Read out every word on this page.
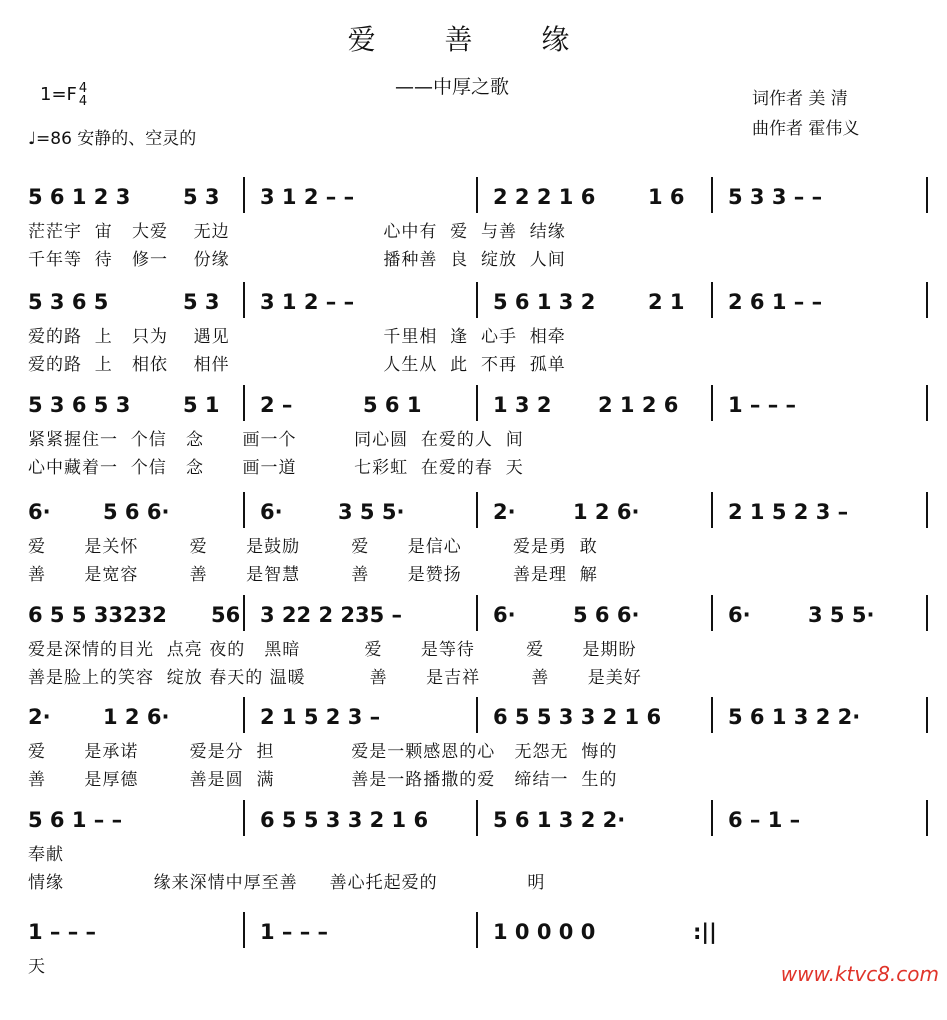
爱 善 缘
——中厚之歌
1=F 4
4
♩=86 安静的、空灵的
词作者 美 清
曲作者 霍伟义
5 6 1 2 3	5 3 3 1 2 – –	2 2 2 1 6	1 6 5 3 3 – –
茫茫宇  宙   大爱    无边                        心中有  爱  与善  结缘
千年等  待   修一    份缘                        播种善  良  绽放  人间
5 3 6 5	5 3 3 1 2 – –	5 6 1 3 2	2 1 2 6 1 – –
爱的路  上   只为    遇见                        千里相  逢  心手  相牵
爱的路  上   相依    相伴                        人生从  此  不再  孤单
5 3 6 5 3	5 1 2 –	5 6 1	1 3 2 2 1 2 6 1 – – –
紧紧握住一  个信   念      画一个         同心圆  在爱的人  间
心中藏着一  个信   念      画一道         七彩虹  在爱的春  天
6· 5 6 6·	6·	3 5 5·	2·	1 2 6·	2 1 5 2 3 –
爱      是关怀        爱      是鼓励        爱      是信心        爱是勇  敢
善      是宽容        善      是智慧        善      是赞扬        善是理  解
6 5 5 33232 56 3 22 2 235 –	6·	5 6 6·	6·	3 5 5·
爱是深情的目光  点亮 夜的   黑暗          爱      是等待        爱      是期盼
善是脸上的笑容  绽放 春天的 温暖          善      是吉祥        善      是美好
2· 1 2 6·	2 1 5 2 3 –	6 5 5 3 3 2 1 6	5 6 1 3 2 2·
爱      是承诺        爱是分  担            爱是一颗感恩的心   无怨无  悔的
善      是厚德        善是圆  满            善是一路播撒的爱   缔结一  生的
5 6 1 – –	6 5 5 3 3 2 1 6	5 6 1 3 2 2·	6 – 1 –
奉献
情缘              缘来深情中厚至善     善心托起爱的              明
1 – – –	1 – – –	1 0 0 0 0	:||
天	www.ktvc8.com
